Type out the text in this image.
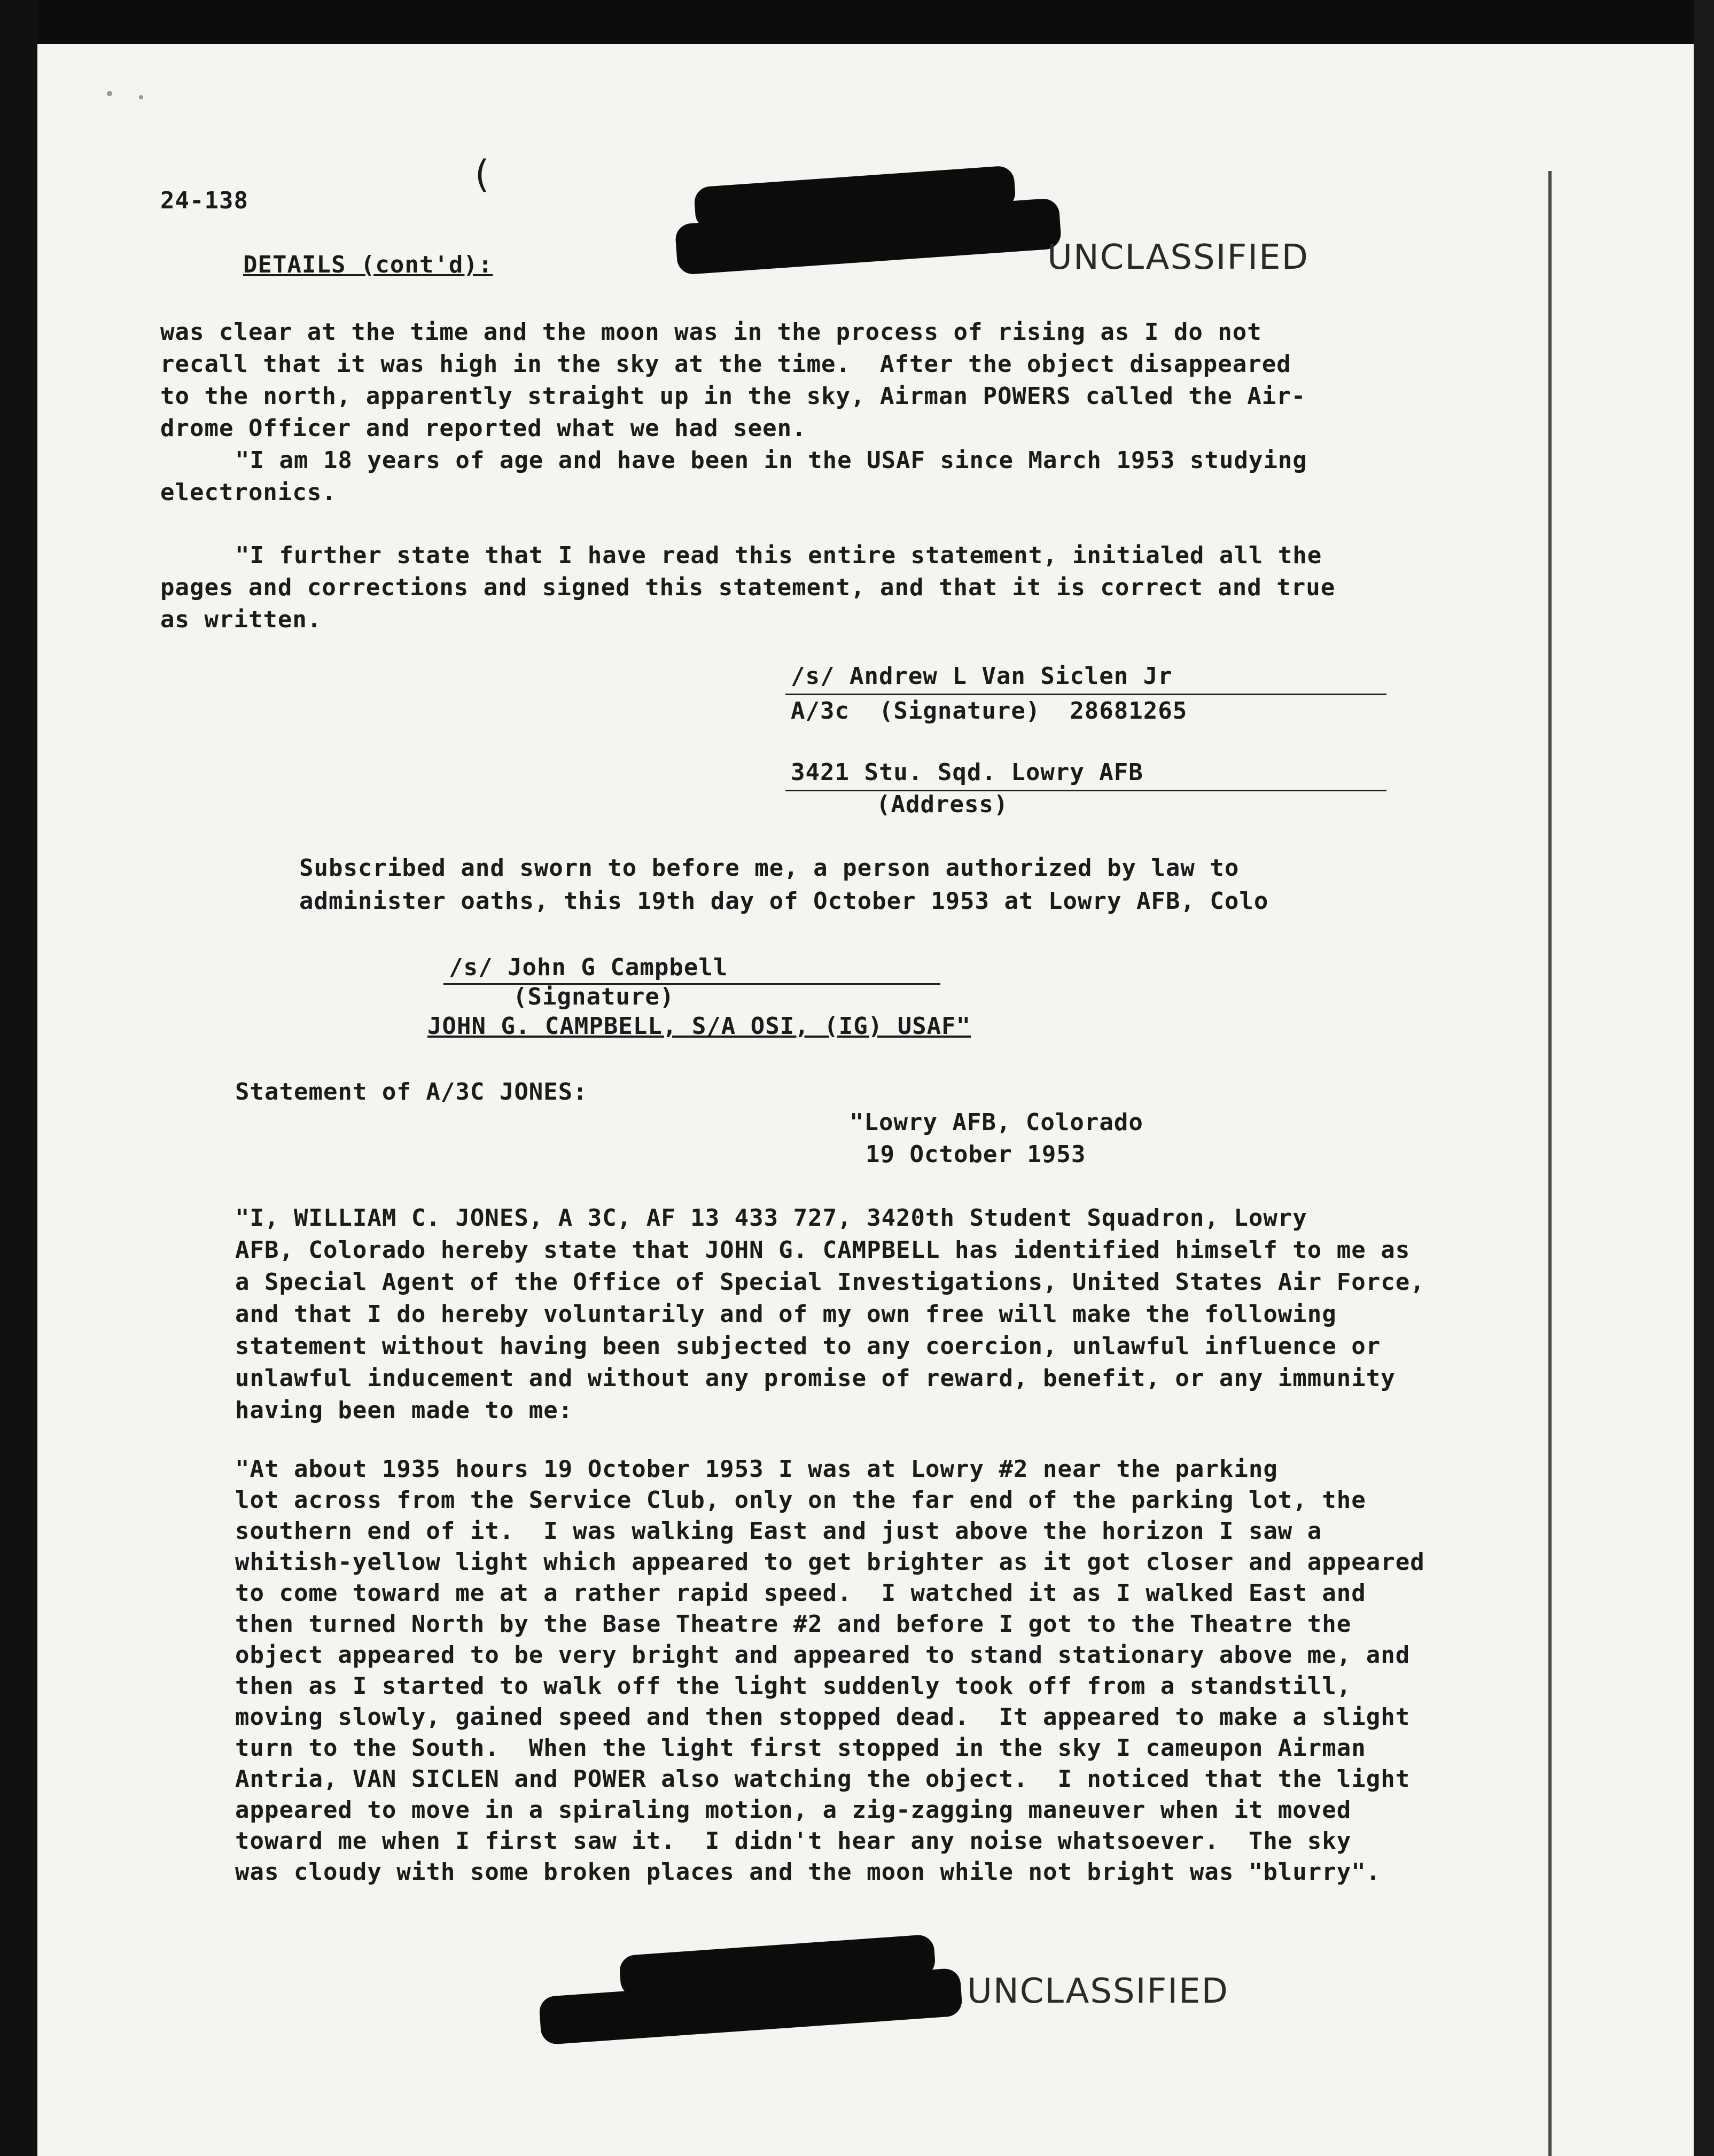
24-138
(
DETAILS (cont'd):	UNCLASSIFIED

was clear at the time and the moon was in the process of rising as I do not

recall that it was high in the sky at the time.  After the object disappeared

to the north, apparently straight up in the sky, Airman POWERS called the Air-

drome Officer and reported what we had seen.

"I am 18 years of age and have been in the USAF since March 1953 studying

electronics.

"I further state that I have read this entire statement, initialed all the

pages and corrections and signed this statement, and that it is correct and true

as written.

/s/ Andrew L Van Siclen Jr
A/3c  (Signature)  28681265
3421 Stu. Sqd. Lowry AFB
(Address)

Subscribed and sworn to before me, a person authorized by law to

administer oaths, this 19th day of October 1953 at Lowry AFB, Colo

/s/ John G Campbell
(Signature)
JOHN G. CAMPBELL, S/A OSI, (IG) USAF"
Statement of A/3C JONES:
"Lowry AFB, Colorado
19 October 1953

"I, WILLIAM C. JONES, A 3C, AF 13 433 727, 3420th Student Squadron, Lowry

AFB, Colorado hereby state that JOHN G. CAMPBELL has identified himself to me as

a Special Agent of the Office of Special Investigations, United States Air Force,

and that I do hereby voluntarily and of my own free will make the following

statement without having been subjected to any coercion, unlawful influence or

unlawful inducement and without any promise of reward, benefit, or any immunity

having been made to me:

"At about 1935 hours 19 October 1953 I was at Lowry #2 near the parking

lot across from the Service Club, only on the far end of the parking lot, the

southern end of it.  I was walking East and just above the horizon I saw a

whitish-yellow light which appeared to get brighter as it got closer and appeared

to come toward me at a rather rapid speed.  I watched it as I walked East and

then turned North by the Base Theatre #2 and before I got to the Theatre the

object appeared to be very bright and appeared to stand stationary above me, and

then as I started to walk off the light suddenly took off from a standstill,

moving slowly, gained speed and then stopped dead.  It appeared to make a slight

turn to the South.  When the light first stopped in the sky I cameupon Airman

Antria, VAN SICLEN and POWER also watching the object.  I noticed that the light

appeared to move in a spiraling motion, a zig-zagging maneuver when it moved

toward me when I first saw it.  I didn't hear any noise whatsoever.  The sky

was cloudy with some broken places and the moon while not bright was "blurry".

UNCLASSIFIED
